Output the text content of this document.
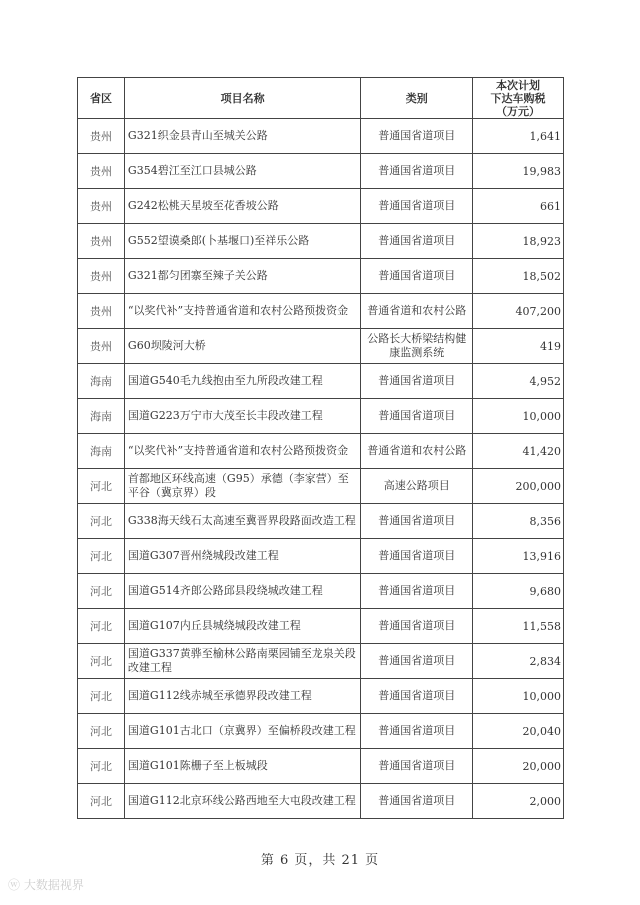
省区	项目名称	类别	本次计划
下达车购税
（万元）

贵州	G321织金县青山至城关公路	普通国省道项目	1,641
贵州	G354碧江至江口县城公路	普通国省道项目	19,983
贵州	G242松桃天星坡至花香坡公路	普通国省道项目	661
贵州	G552望谟桑郎(卜基堰口)至祥乐公路	普通国省道项目	18,923
贵州	G321都匀团寨至辣子关公路	普通国省道项目	18,502
贵州	“以奖代补”支持普通省道和农村公路预拨资金	普通省道和农村公路	407,200
贵州	G60坝陵河大桥	公路长大桥梁结构健康监测系统	419
海南	国道G540毛九线抱由至九所段改建工程	普通国省道项目	4,952
海南	国道G223万宁市大茂至长丰段改建工程	普通国省道项目	10,000
海南	“以奖代补”支持普通省道和农村公路预拨资金	普通省道和农村公路	41,420
河北	首都地区环线高速（G95）承德（李家营）至平谷（冀京界）段	高速公路项目	200,000
河北	G338海天线石太高速至冀晋界段路面改造工程	普通国省道项目	8,356
河北	国道G307晋州绕城段改建工程	普通国省道项目	13,916
河北	国道G514齐郎公路邱县段绕城改建工程	普通国省道项目	9,680
河北	国道G107内丘县城绕城段改建工程	普通国省道项目	11,558
河北	国道G337黄骅至榆林公路南栗园铺至龙泉关段改建工程	普通国省道项目	2,834
河北	国道G112线赤城至承德界段改建工程	普通国省道项目	10,000
河北	国道G101古北口（京冀界）至偏桥段改建工程	普通国省道项目	20,040
河北	国道G101陈栅子至上板城段	普通国省道项目	20,000
河北	国道G112北京环线公路西地至大屯段改建工程	普通国省道项目	2,000
第 6 页，共 21 页
ⓦ 大数据视界
